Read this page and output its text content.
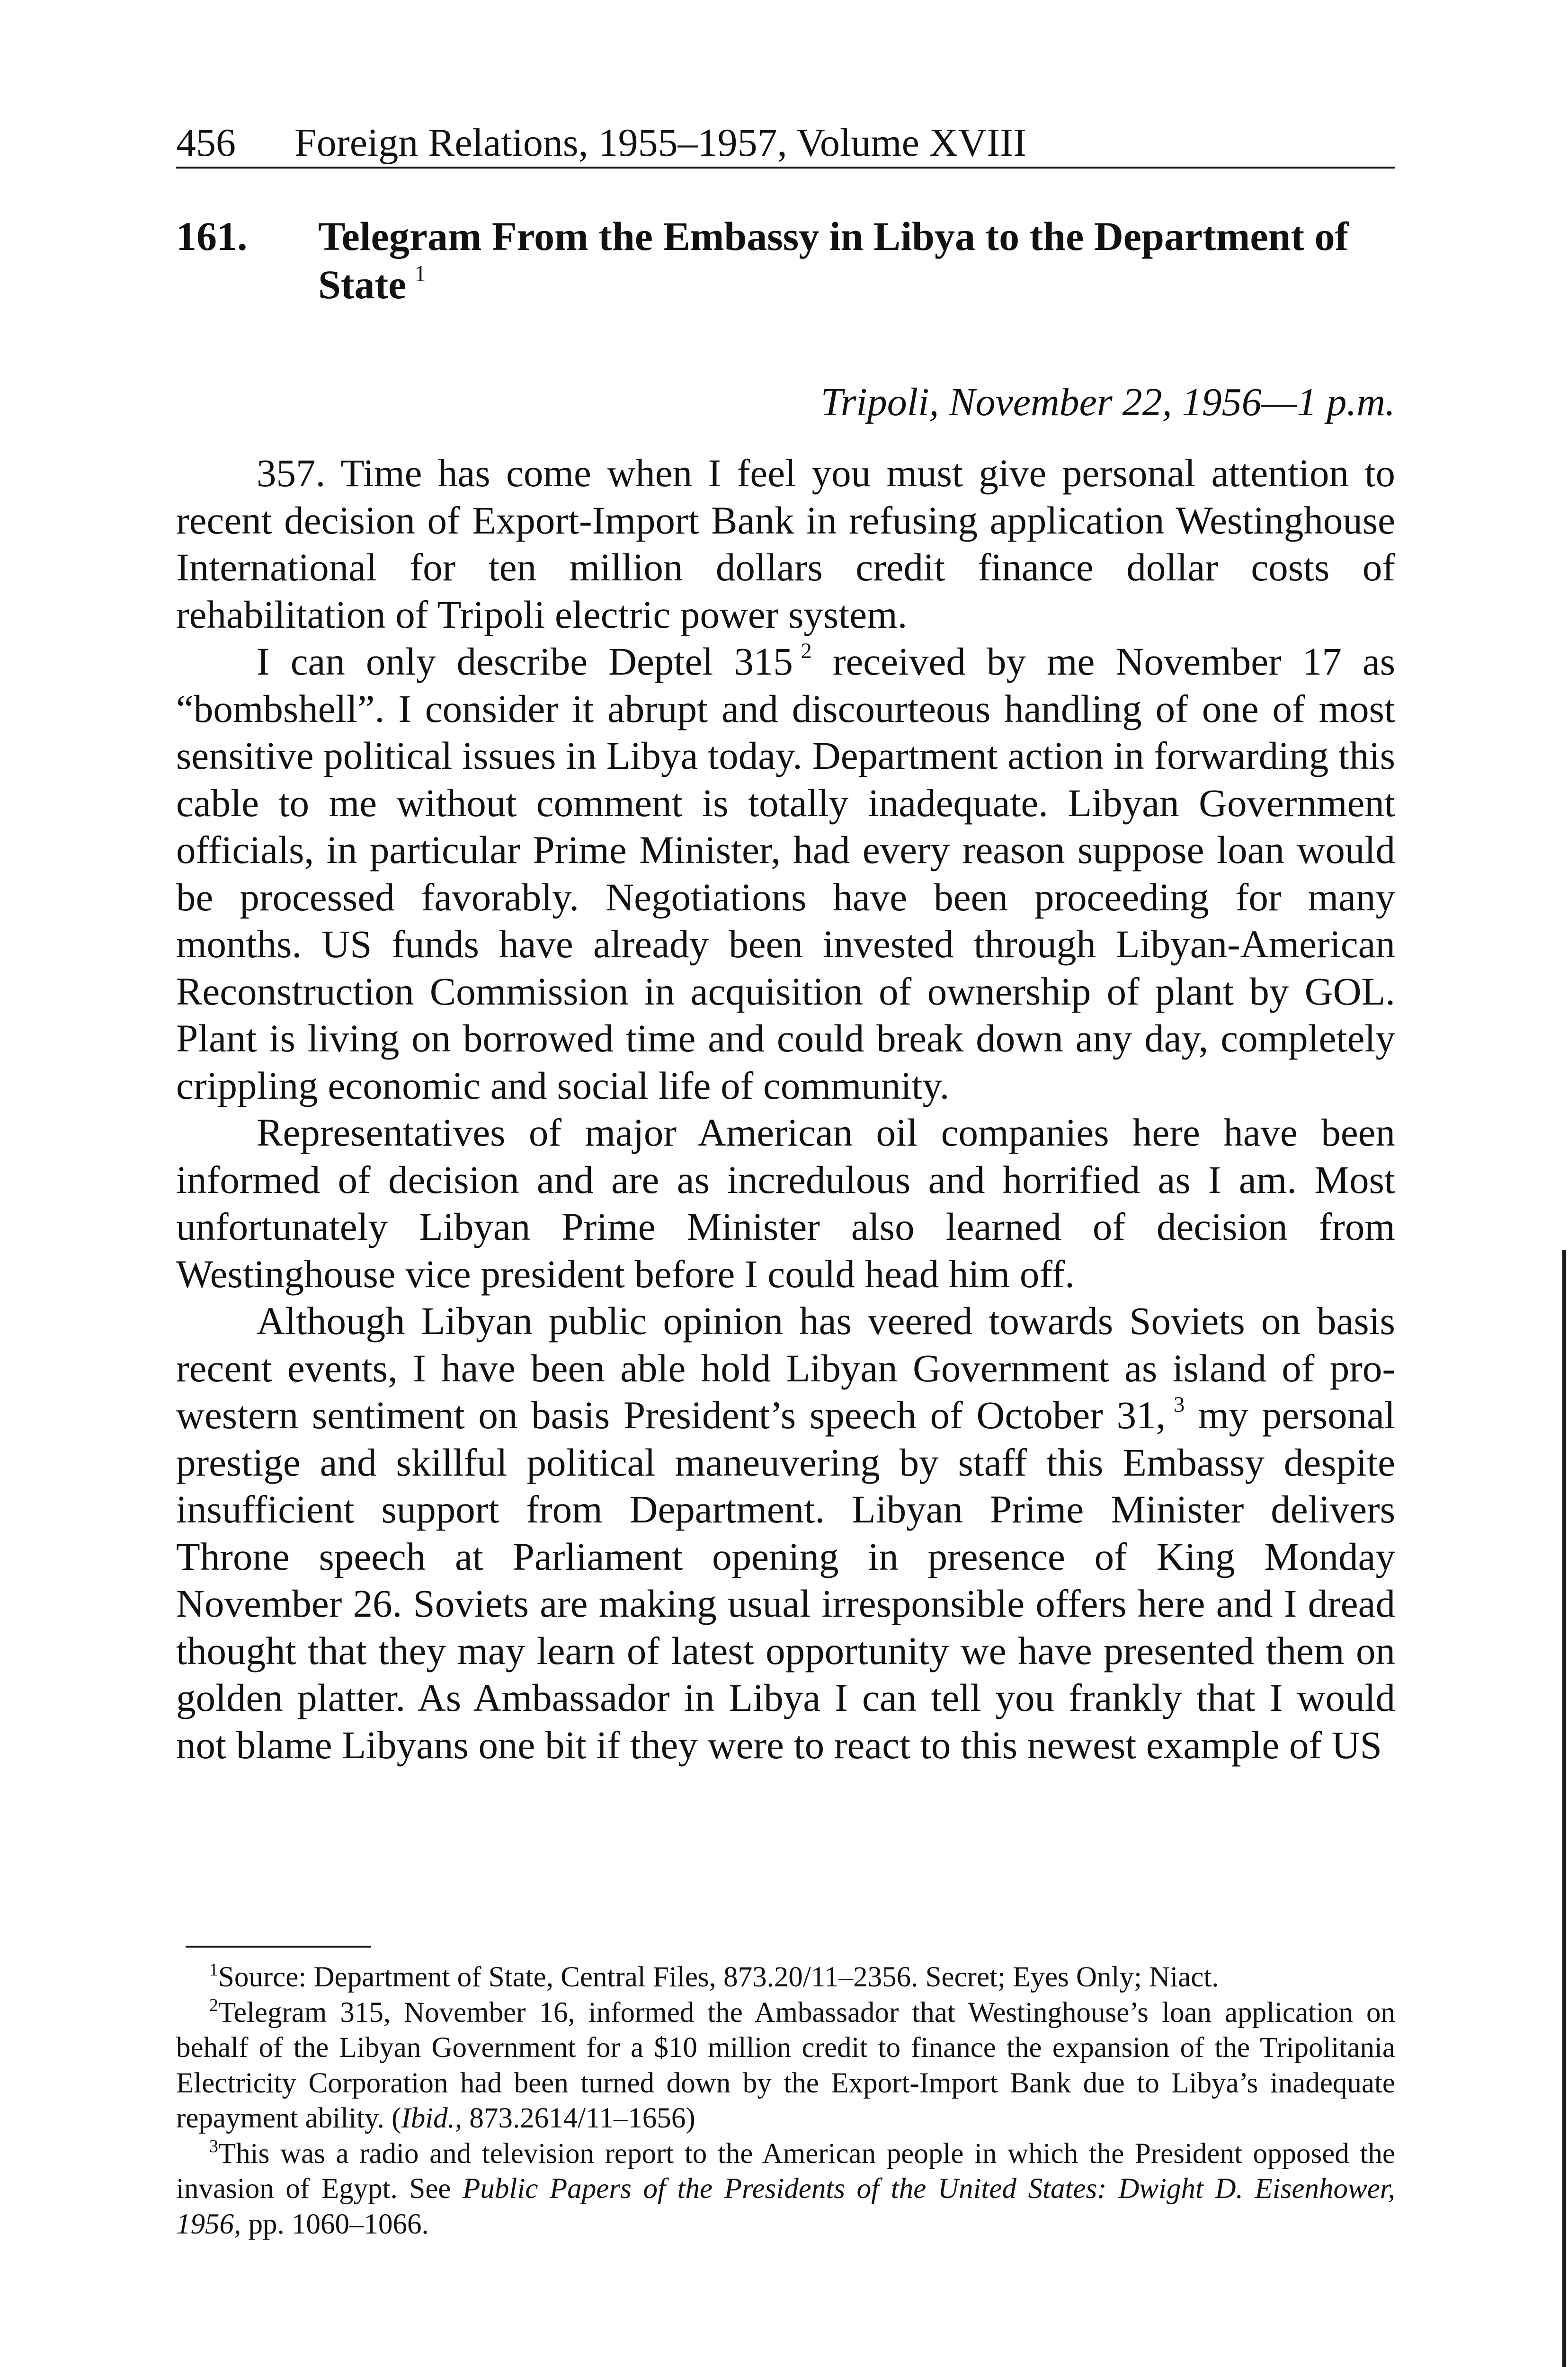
456 Foreign Relations, 1955–1957, Volume XVIII
161. Telegram From the Embassy in Libya to the Department of State  $^1$
Tripoli, November 22, 1956—1 p.m.

357. Time has come when I feel you must give personal attention to recent decision of Export-Import Bank in refusing application Westinghouse International for ten million dollars credit finance dollar costs of rehabilitation of Tripoli electric power system.

I can only describe Deptel 315  $^2$ received by me November 17 as “bombshell”. I consider it abrupt and discourteous handling of one of most sensitive political issues in Libya today. Department action in forwarding this cable to me without comment is totally inadequate. Libyan Government officials, in particular Prime Minister, had every reason suppose loan would be processed favorably. Negotiations have been proceeding for many months. US funds have already been invested through Libyan-American Reconstruction Commission in acquisition of ownership of plant by GOL. Plant is living on borrowed time and could break down any day, completely crippling economic and social life of community.

Representatives of major American oil companies here have been informed of decision and are as incredulous and horrified as I am. Most unfortunately Libyan Prime Minister also learned of decision from Westinghouse vice president before I could head him off.

Although Libyan public opinion has veered towards Soviets on basis recent events, I have been able hold Libyan Government as island of pro-western sentiment on basis President’s speech of October 31,  $^3$ my personal prestige and skillful political maneuvering by staff this Embassy despite insufficient support from Department. Libyan Prime Minister delivers Throne speech at Parliament opening in presence of King Monday November 26. Soviets are making usual irresponsible offers here and I dread thought that they may learn of latest opportunity we have presented them on golden platter. As Ambassador in Libya I can tell you frankly that I would not blame Libyans one bit if they were to react to this newest example of US

$^1$Source: Department of State, Central Files, 873.20/11–2356. Secret; Eyes Only; Niact.

$^2$Telegram 315, November 16, informed the Ambassador that Westinghouse’s loan application on behalf of the Libyan Government for a $10 million credit to finance the expansion of the Tripolitania Electricity Corporation had been turned down by the Export-Import Bank due to Libya’s inadequate repayment ability. (Ibid., 873.2614/11–1656)

$^3$This was a radio and television report to the American people in which the President opposed the invasion of Egypt. See Public Papers of the Presidents of the United States: Dwight D. Eisenhower, 1956, pp. 1060–1066.
